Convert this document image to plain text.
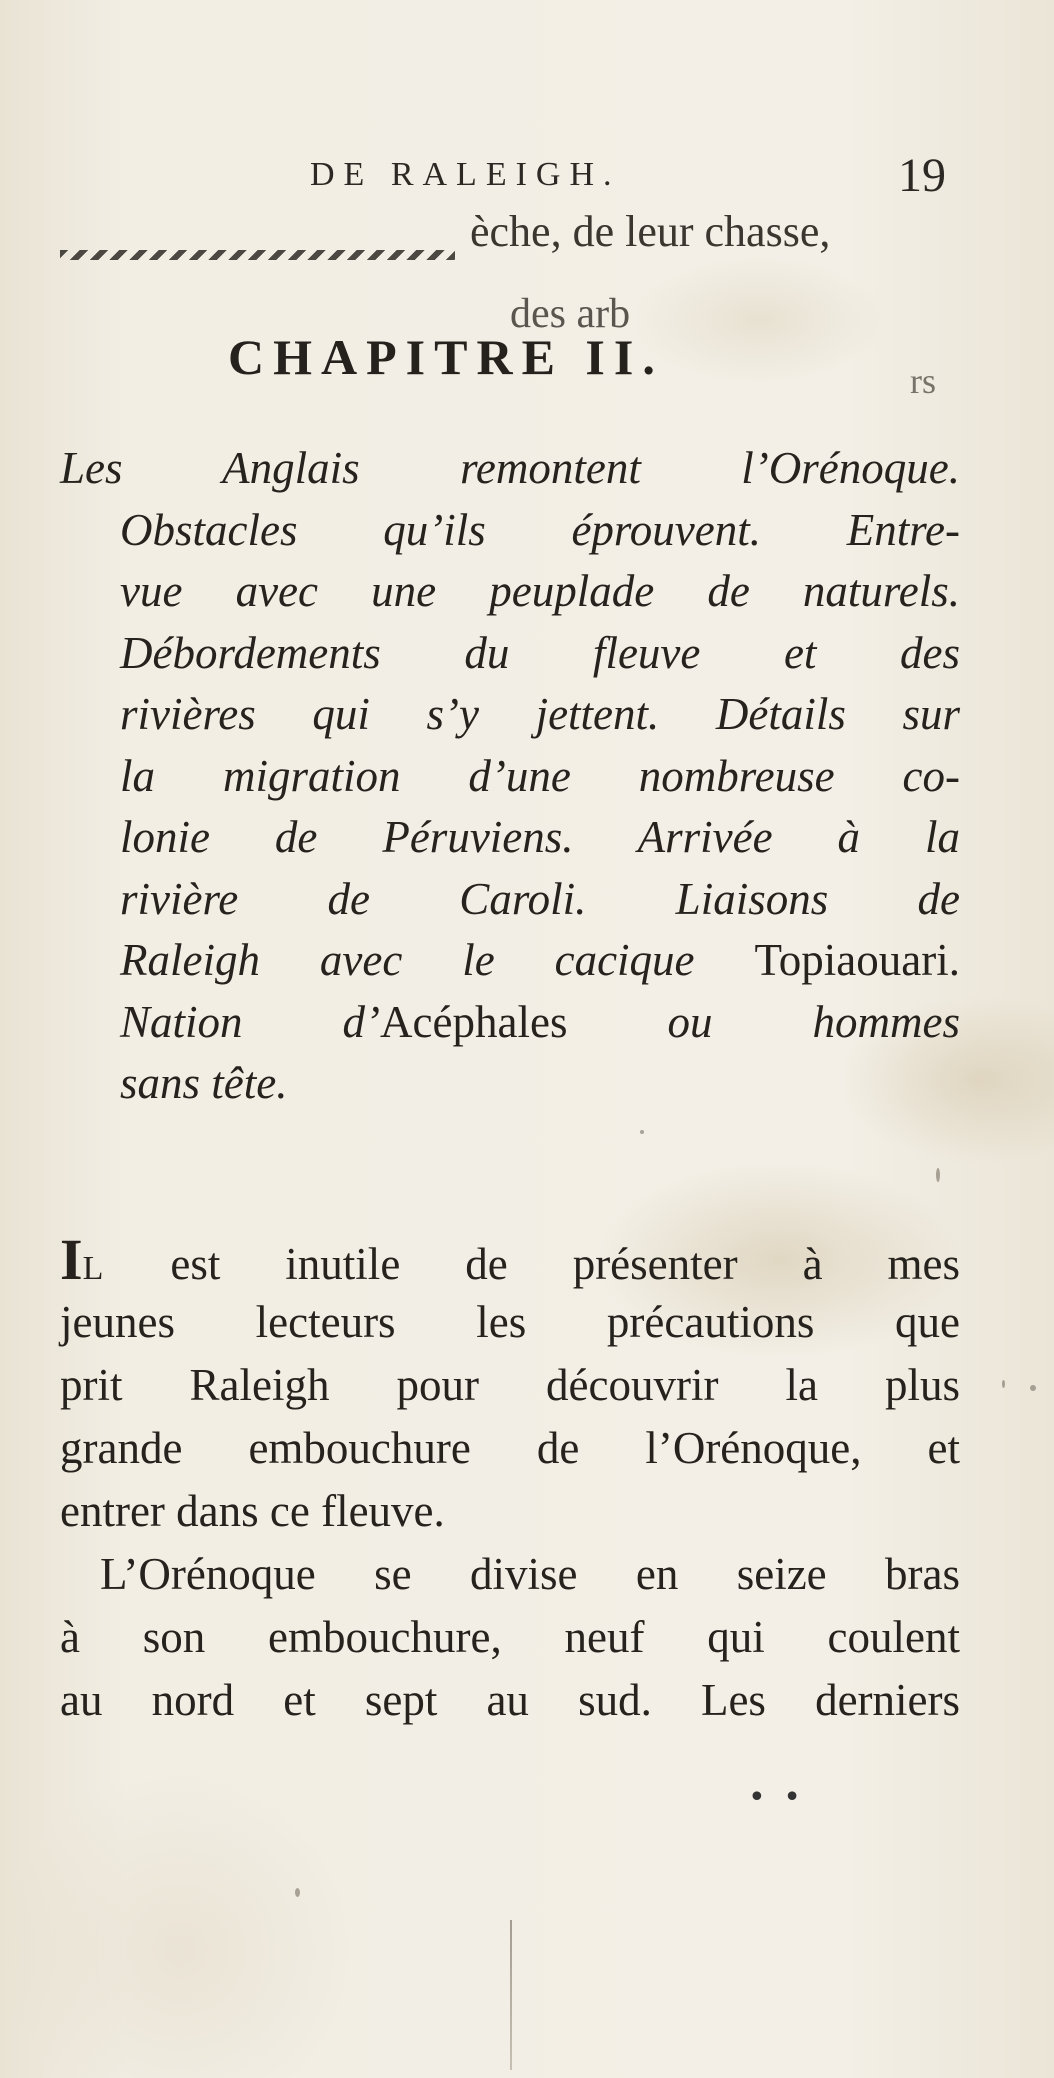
DE RALEIGH.	19
èche, de leur chasse,
des arb
rs
CHAPITRE II.
Les Anglais remontent l’Orénoque.
Obstacles qu’ils éprouvent. Entre-
vue avec une peuplade de naturels.
Débordements du fleuve et des
rivières qui s’y jettent. Détails sur
la migration d’une nombreuse co-
lonie de Péruviens. Arrivée à la
rivière de Caroli. Liaisons de
Raleigh avec le cacique Topiaouari.
Nation d’Acéphales ou hommes
sans tête.
IL est inutile de présenter à mes
jeunes lecteurs les précautions que
prit Raleigh pour découvrir la plus
grande embouchure de l’Orénoque, et
entrer dans ce fleuve.
L’Orénoque se divise en seize bras
à son embouchure, neuf qui coulent
au nord et sept au sud. Les derniers
• •
